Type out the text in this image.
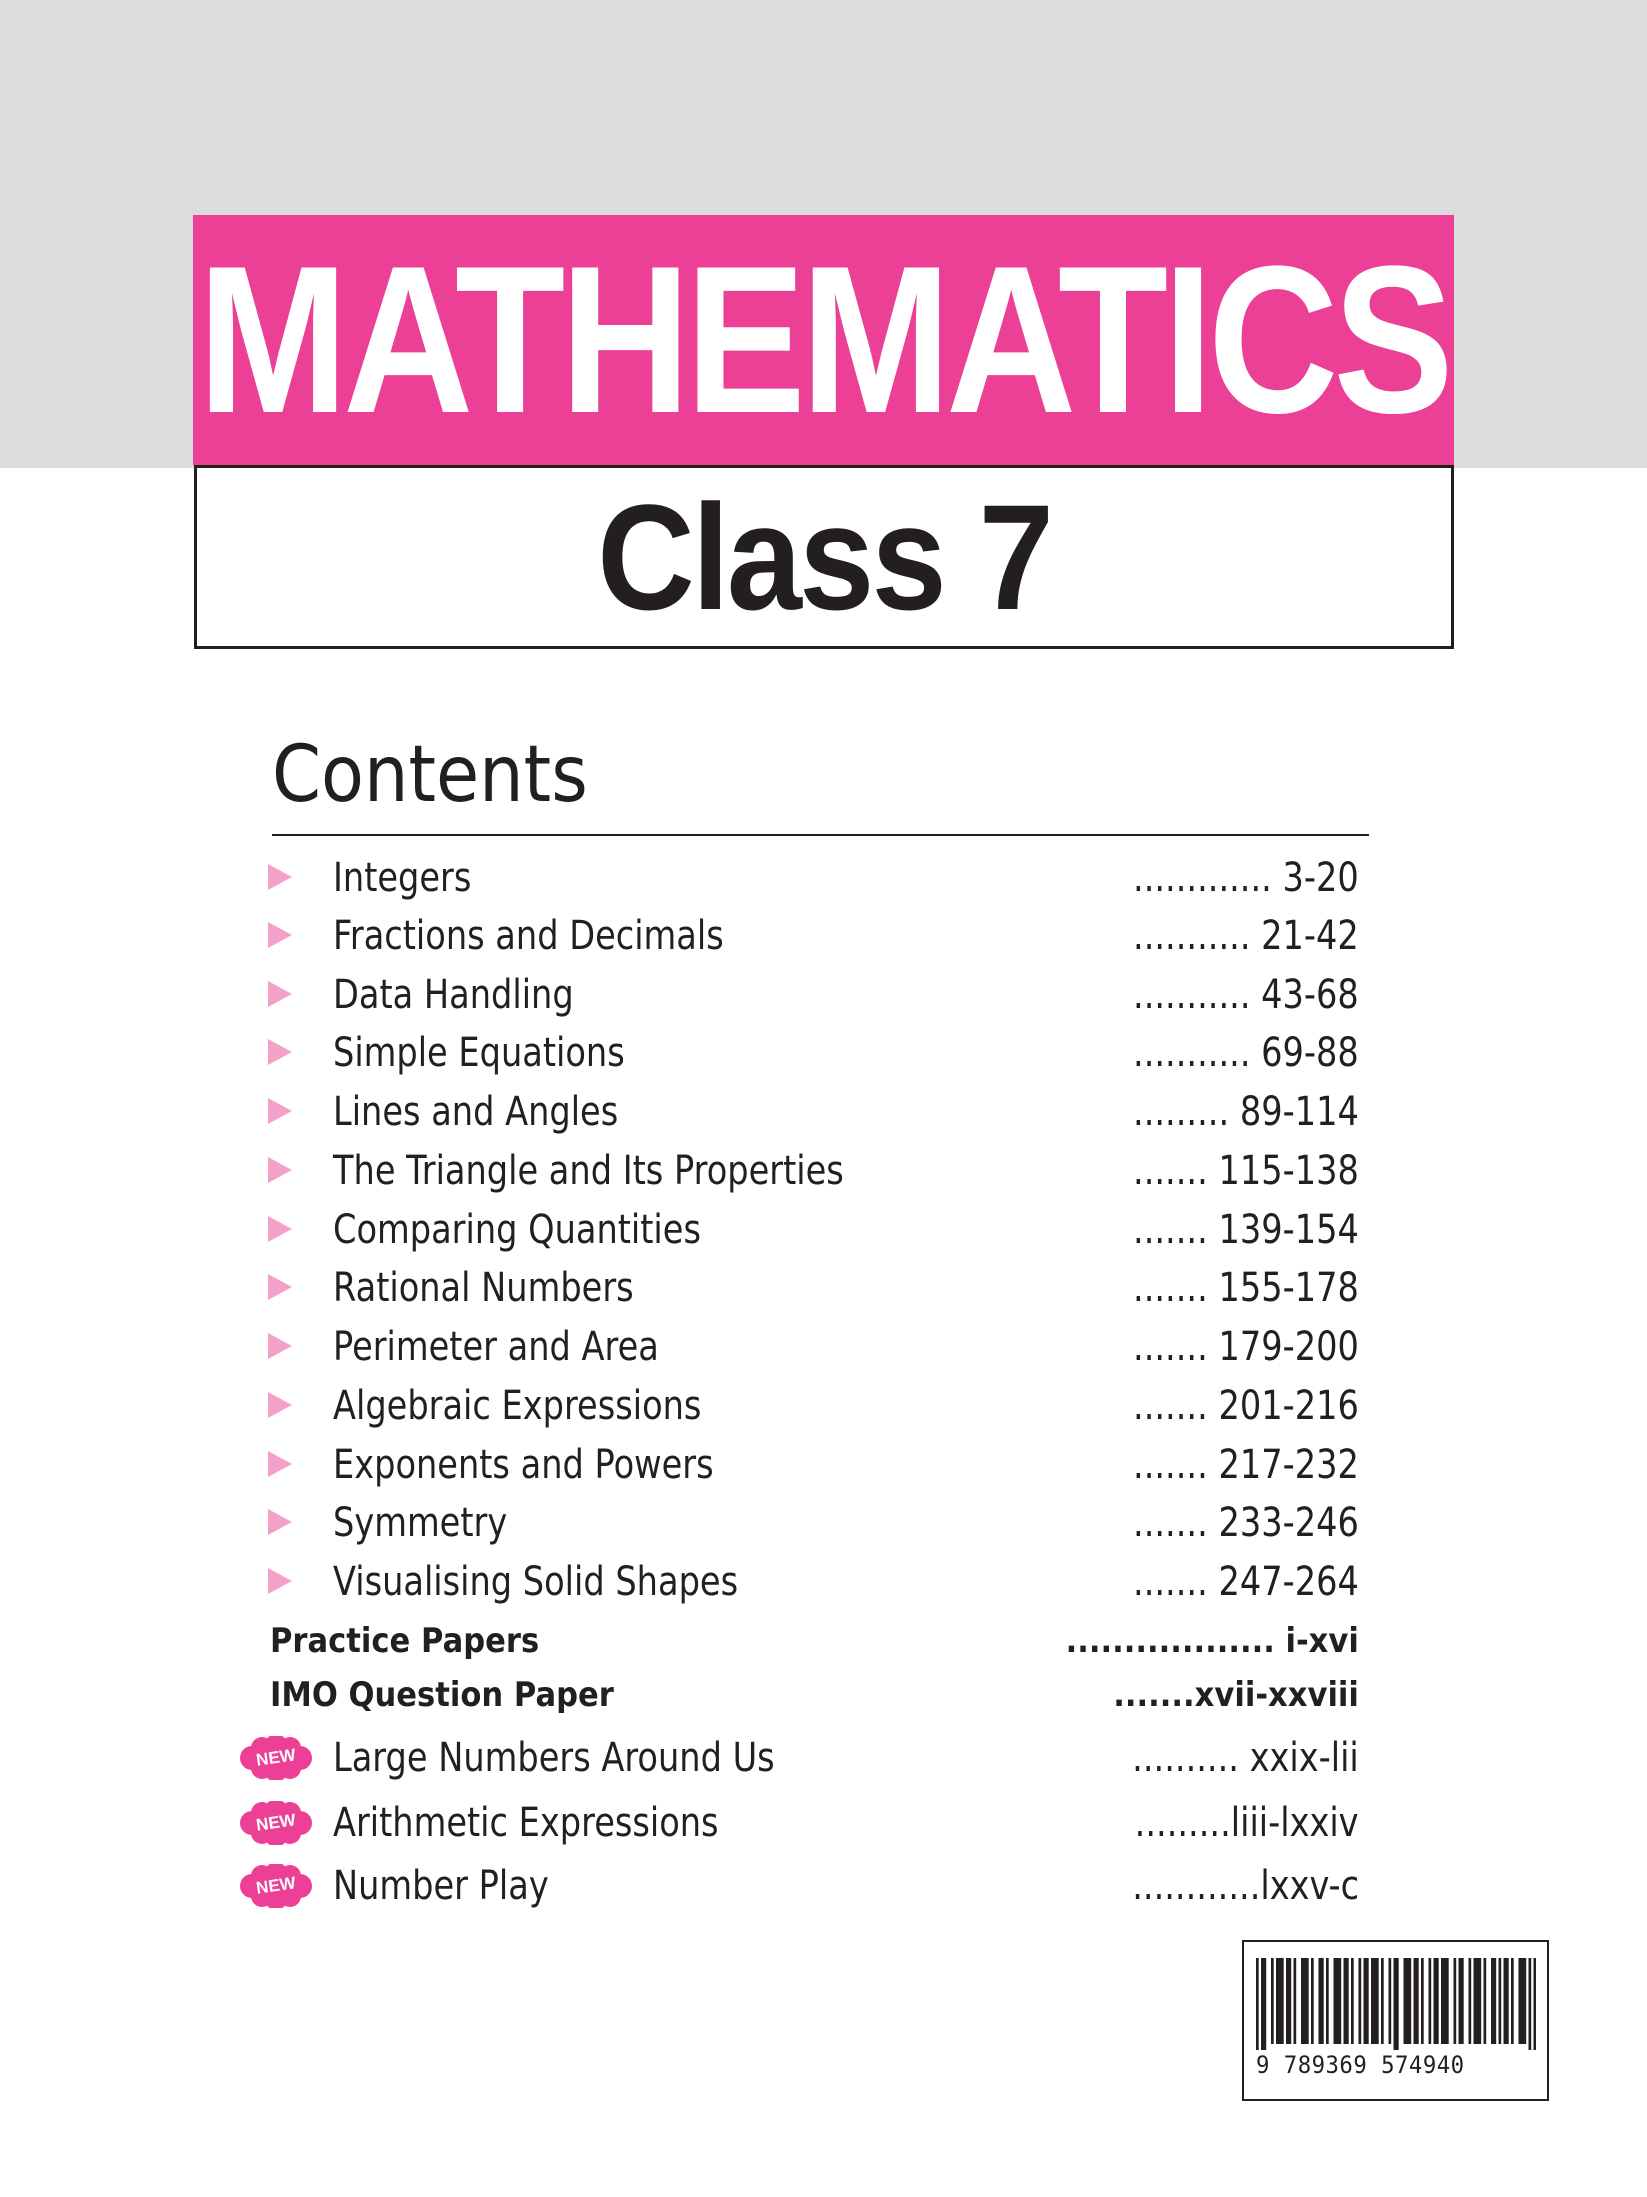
MATHEMATICS
Class 7
Contents
Integers	............. 3-20
Fractions and Decimals	........... 21-42
Data Handling	........... 43-68
Simple Equations	........... 69-88
Lines and Angles	......... 89-114
The Triangle and Its Properties	....... 115-138
Comparing Quantities	....... 139-154
Rational Numbers	....... 155-178
Perimeter and Area	....... 179-200
Algebraic Expressions	....... 201-216
Exponents and Powers	....... 217-232
Symmetry	....... 233-246
Visualising Solid Shapes	....... 247-264
Practice Papers	.................. i-xvi
IMO Question Paper	.......xvii-xxviii
NEW Large Numbers Around Us	.......... xxix-lii
NEW Arithmetic Expressions	.........liii-lxxiv
NEW Number Play	............lxxv-c
9 789369 574940
